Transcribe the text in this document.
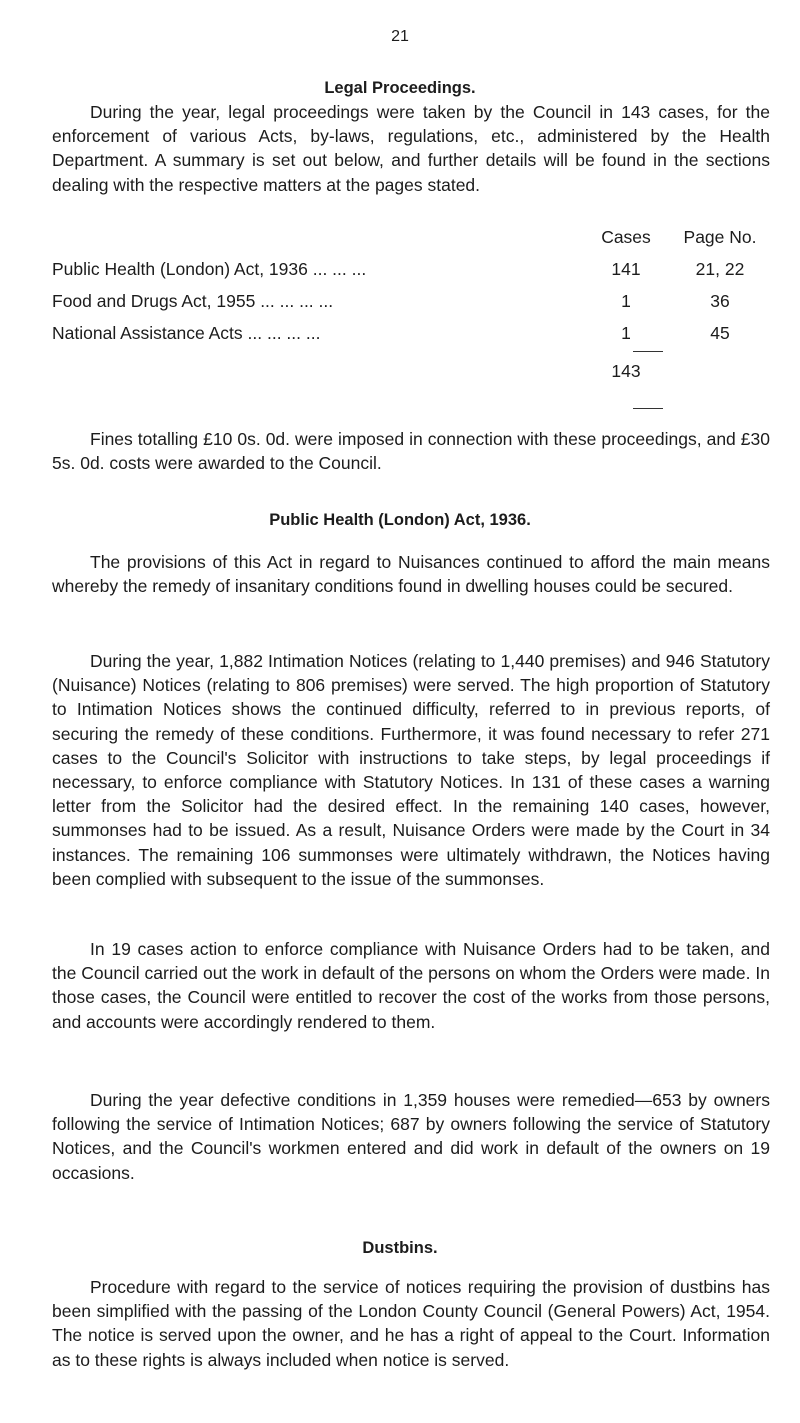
21
Legal Proceedings.
During the year, legal proceedings were taken by the Council in 143 cases, for the enforcement of various Acts, by-laws, regulations, etc., administered by the Health Department. A summary is set out below, and further details will be found in the sections dealing with the respective matters at the pages stated.
	Cases	Page No.
Public Health (London) Act, 1936 ... ... ...	141	21, 22
Food and Drugs Act, 1955 ... ... ... ...	1	36
National Assistance Acts ... ... ... ...	1	45
	143	
Fines totalling £10 0s. 0d. were imposed in connection with these proceedings, and £30 5s. 0d. costs were awarded to the Council.
Public Health (London) Act, 1936.
The provisions of this Act in regard to Nuisances continued to afford the main means whereby the remedy of insanitary conditions found in dwelling houses could be secured.
During the year, 1,882 Intimation Notices (relating to 1,440 premises) and 946 Statutory (Nuisance) Notices (relating to 806 premises) were served. The high proportion of Statutory to Intimation Notices shows the continued difficulty, referred to in previous reports, of securing the remedy of these conditions. Furthermore, it was found necessary to refer 271 cases to the Council's Solicitor with instructions to take steps, by legal proceedings if necessary, to enforce compliance with Statutory Notices. In 131 of these cases a warning letter from the Solicitor had the desired effect. In the remaining 140 cases, however, summonses had to be issued. As a result, Nuisance Orders were made by the Court in 34 instances. The remaining 106 summonses were ultimately withdrawn, the Notices having been complied with subsequent to the issue of the summonses.
In 19 cases action to enforce compliance with Nuisance Orders had to be taken, and the Council carried out the work in default of the persons on whom the Orders were made. In those cases, the Council were entitled to recover the cost of the works from those persons, and accounts were accordingly rendered to them.
During the year defective conditions in 1,359 houses were remedied—653 by owners following the service of Intimation Notices; 687 by owners following the service of Statutory Notices, and the Council's workmen entered and did work in default of the owners on 19 occasions.
Dustbins.
Procedure with regard to the service of notices requiring the provision of dustbins has been simplified with the passing of the London County Council (General Powers) Act, 1954. The notice is served upon the owner, and he has a right of appeal to the Court. Information as to these rights is always included when notice is served.
